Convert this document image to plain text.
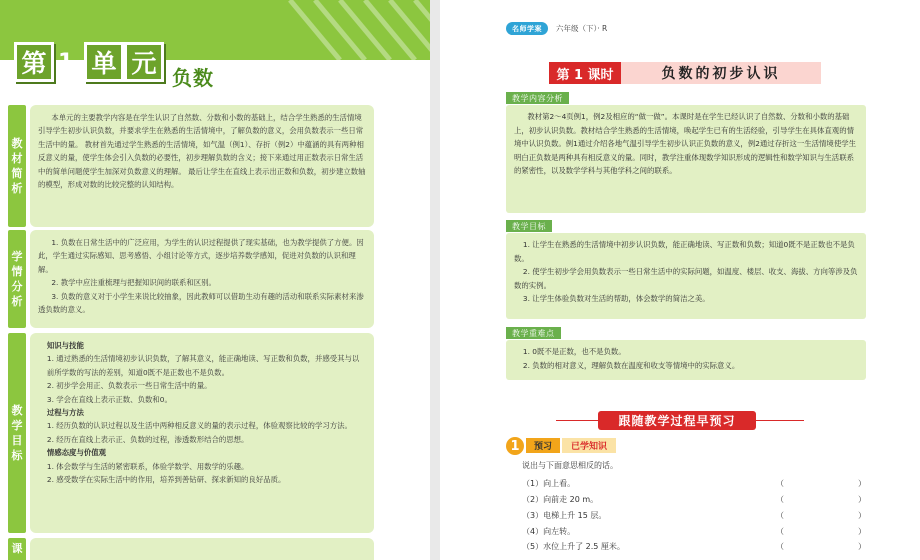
第 1 单 元 负数
教
材
简
析

本单元的主要教学内容是在学生认识了自然数、分数和小数的基础上，结合学生熟悉的生活情境引导学生初步认识负数，并要求学生在熟悉的生活情境中，了解负数的意义，会用负数表示一些日常生活中的量。 教材首先通过学生熟悉的生活情境，如气温（例1）、存折（例2）中蕴涵的具有两种相反意义的量，使学生体会引入负数的必要性，初步理解负数的含义；接下来通过用正数表示日常生活中的简单问题使学生加深对负数意义的理解。 最后让学生在直线上表示出正数和负数，初步建立数轴的模型，形成对数的比较完整的认知结构。

学
情
分
析

1. 负数在日常生活中的广泛应用，为学生的认识过程提供了现实基础，也为教学提供了方便。因此，学生通过实际感知、思考感悟、小组讨论等方式，逐步培养数学感知，促进对负数的认识和理解。

2. 教学中应注重梳理与把握知识间的联系和区别。

3. 负数的意义对于小学生来说比较抽象，因此教师可以借助生动有趣的活动和联系实际素材来渗透负数的意义。

教
学
目
标

知识与技能

1. 通过熟悉的生活情境初步认识负数，了解其意义，能正确地读、写正数和负数，并感受其与以前所学数的写法的差别，知道0既不是正数也不是负数。

2. 初步学会用正、负数表示一些日常生活中的量。

3. 学会在直线上表示正数、负数和0。

过程与方法

1. 经历负数的认识过程以及生活中两种相反意义的量的表示过程，体验观察比较的学习方法。

2. 经历在直线上表示正、负数的过程，渗透数形结合的思想。

情感态度与价值观

1. 体会数学与生活的紧密联系，体验学数学、用数学的乐趣。

2. 感受数学在实际生活中的作用，培养到善钻研、探求新知的良好品质。

课
名师学案	六年级（下）· R
第 1 课时	负数的初步认识
教学内容分析

教材第2～4页例1，例2及相应的“做一做”。本课时是在学生已经认识了自然数、分数和小数的基础上，初步认识负数。教材结合学生熟悉的生活情境，唤起学生已有的生活经验，引导学生在具体直观的情境中认识负数。例1通过介绍各地气温引导学生初步认识正负数的意义，例2通过存折这一生活情境使学生明白正负数是两种具有相反意义的量。同时，教学注重体现数学知识形成的逻辑性和数学知识与生活联系的紧密性，以及数学学科与其他学科之间的联系。

教学目标

1. 让学生在熟悉的生活情境中初步认识负数，能正确地读、写正数和负数；知道0既不是正数也不是负数。

2. 使学生初步学会用负数表示一些日常生活中的实际问题，如温度、楼层、收支、海拔、方向等涉及负数的实例。

3. 让学生体验负数对生活的帮助，体会数学的简洁之美。

教学重难点

1. 0既不是正数，也不是负数。

2. 负数的相对意义，理解负数在温度和收支等情境中的实际意义。

跟随教学过程早预习
1	预习	已学知识
说出与下面意思相反的话。
（1）向上看。	（	）
（2）向前走 20 m。	（	）
（3）电梯上升 15 层。	（	）
（4）向左转。	（	）
（5）水位上升了 2.5 厘米。	（	）
